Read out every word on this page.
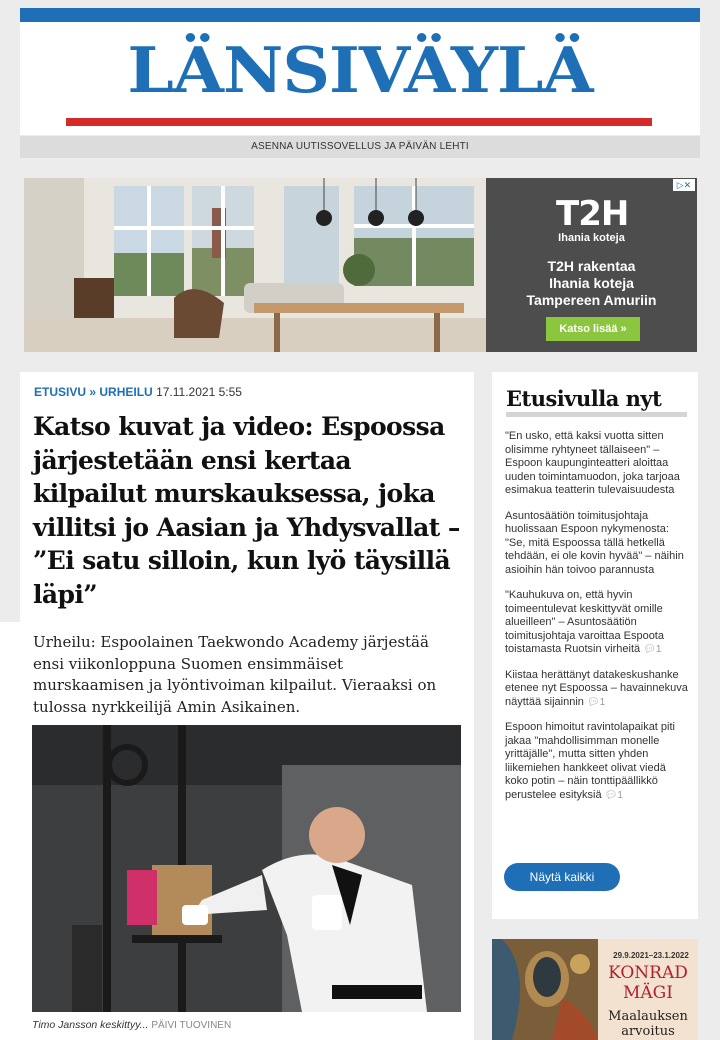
LÄNSIVÄYLÄ
ASENNA UUTISSOVELLUS JA PÄIVÄN LEHTI
T2H
Ihania koteja
T2H rakentaa
Ihania koteja
Tampereen Amuriin
Katso lisää »
▷✕
ETUSIVU » URHEILU 17.11.2021 5:55
Katso kuvat ja video: Espoossa järjestetään ensi kertaa kilpailut murskauksessa, joka villitsi jo Aasian ja Yhdysvallat – ”Ei satu silloin, kun lyö täysillä läpi”

Urheilu: Espoolainen Taekwondo Academy järjestää ensi viikonloppuna Suomen ensimmäiset murskaamisen ja lyöntivoiman kilpailut. Vieraaksi on tulossa nyrkkeilijä Amin Asikainen.

Timo Jansson keskittyy... PÄIVI TUOVINEN
Etusivulla nyt
"En usko, että kaksi vuotta sitten olisimme ryhtyneet tällaiseen" – Espoon kaupunginteatteri aloittaa uuden toimintamuodon, joka tarjoaa esimakua teatterin tulevaisuudesta
Asuntosäätiön toimitusjohtaja huolissaan Espoon nykymenosta: "Se, mitä Espoossa tällä hetkellä tehdään, ei ole kovin hyvää" – näihin asioihin hän toivoo parannusta
"Kauhukuva on, että hyvin toimeentulevat keskittyvät omille alueilleen" – Asuntosäätiön toimitusjohtaja varoittaa Espoota toistamasta Ruotsin virheitä 💬︎1
Kiistaa herättänyt datakeskushanke etenee nyt Espoossa – havainnekuva näyttää sijainnin 💬︎1
Espoon himoitut ravintolapaikat piti jakaa "mahdollisimman monelle yrittäjälle", mutta sitten yhden liikemiehen hankkeet olivat viedä koko potin – näin tonttipäällikkö perustelee esityksiä 💬︎1
Näytä kaikki
29.9.2021–23.1.2022
KONRAD
MÄGI
Maalauksen
arvoitus
